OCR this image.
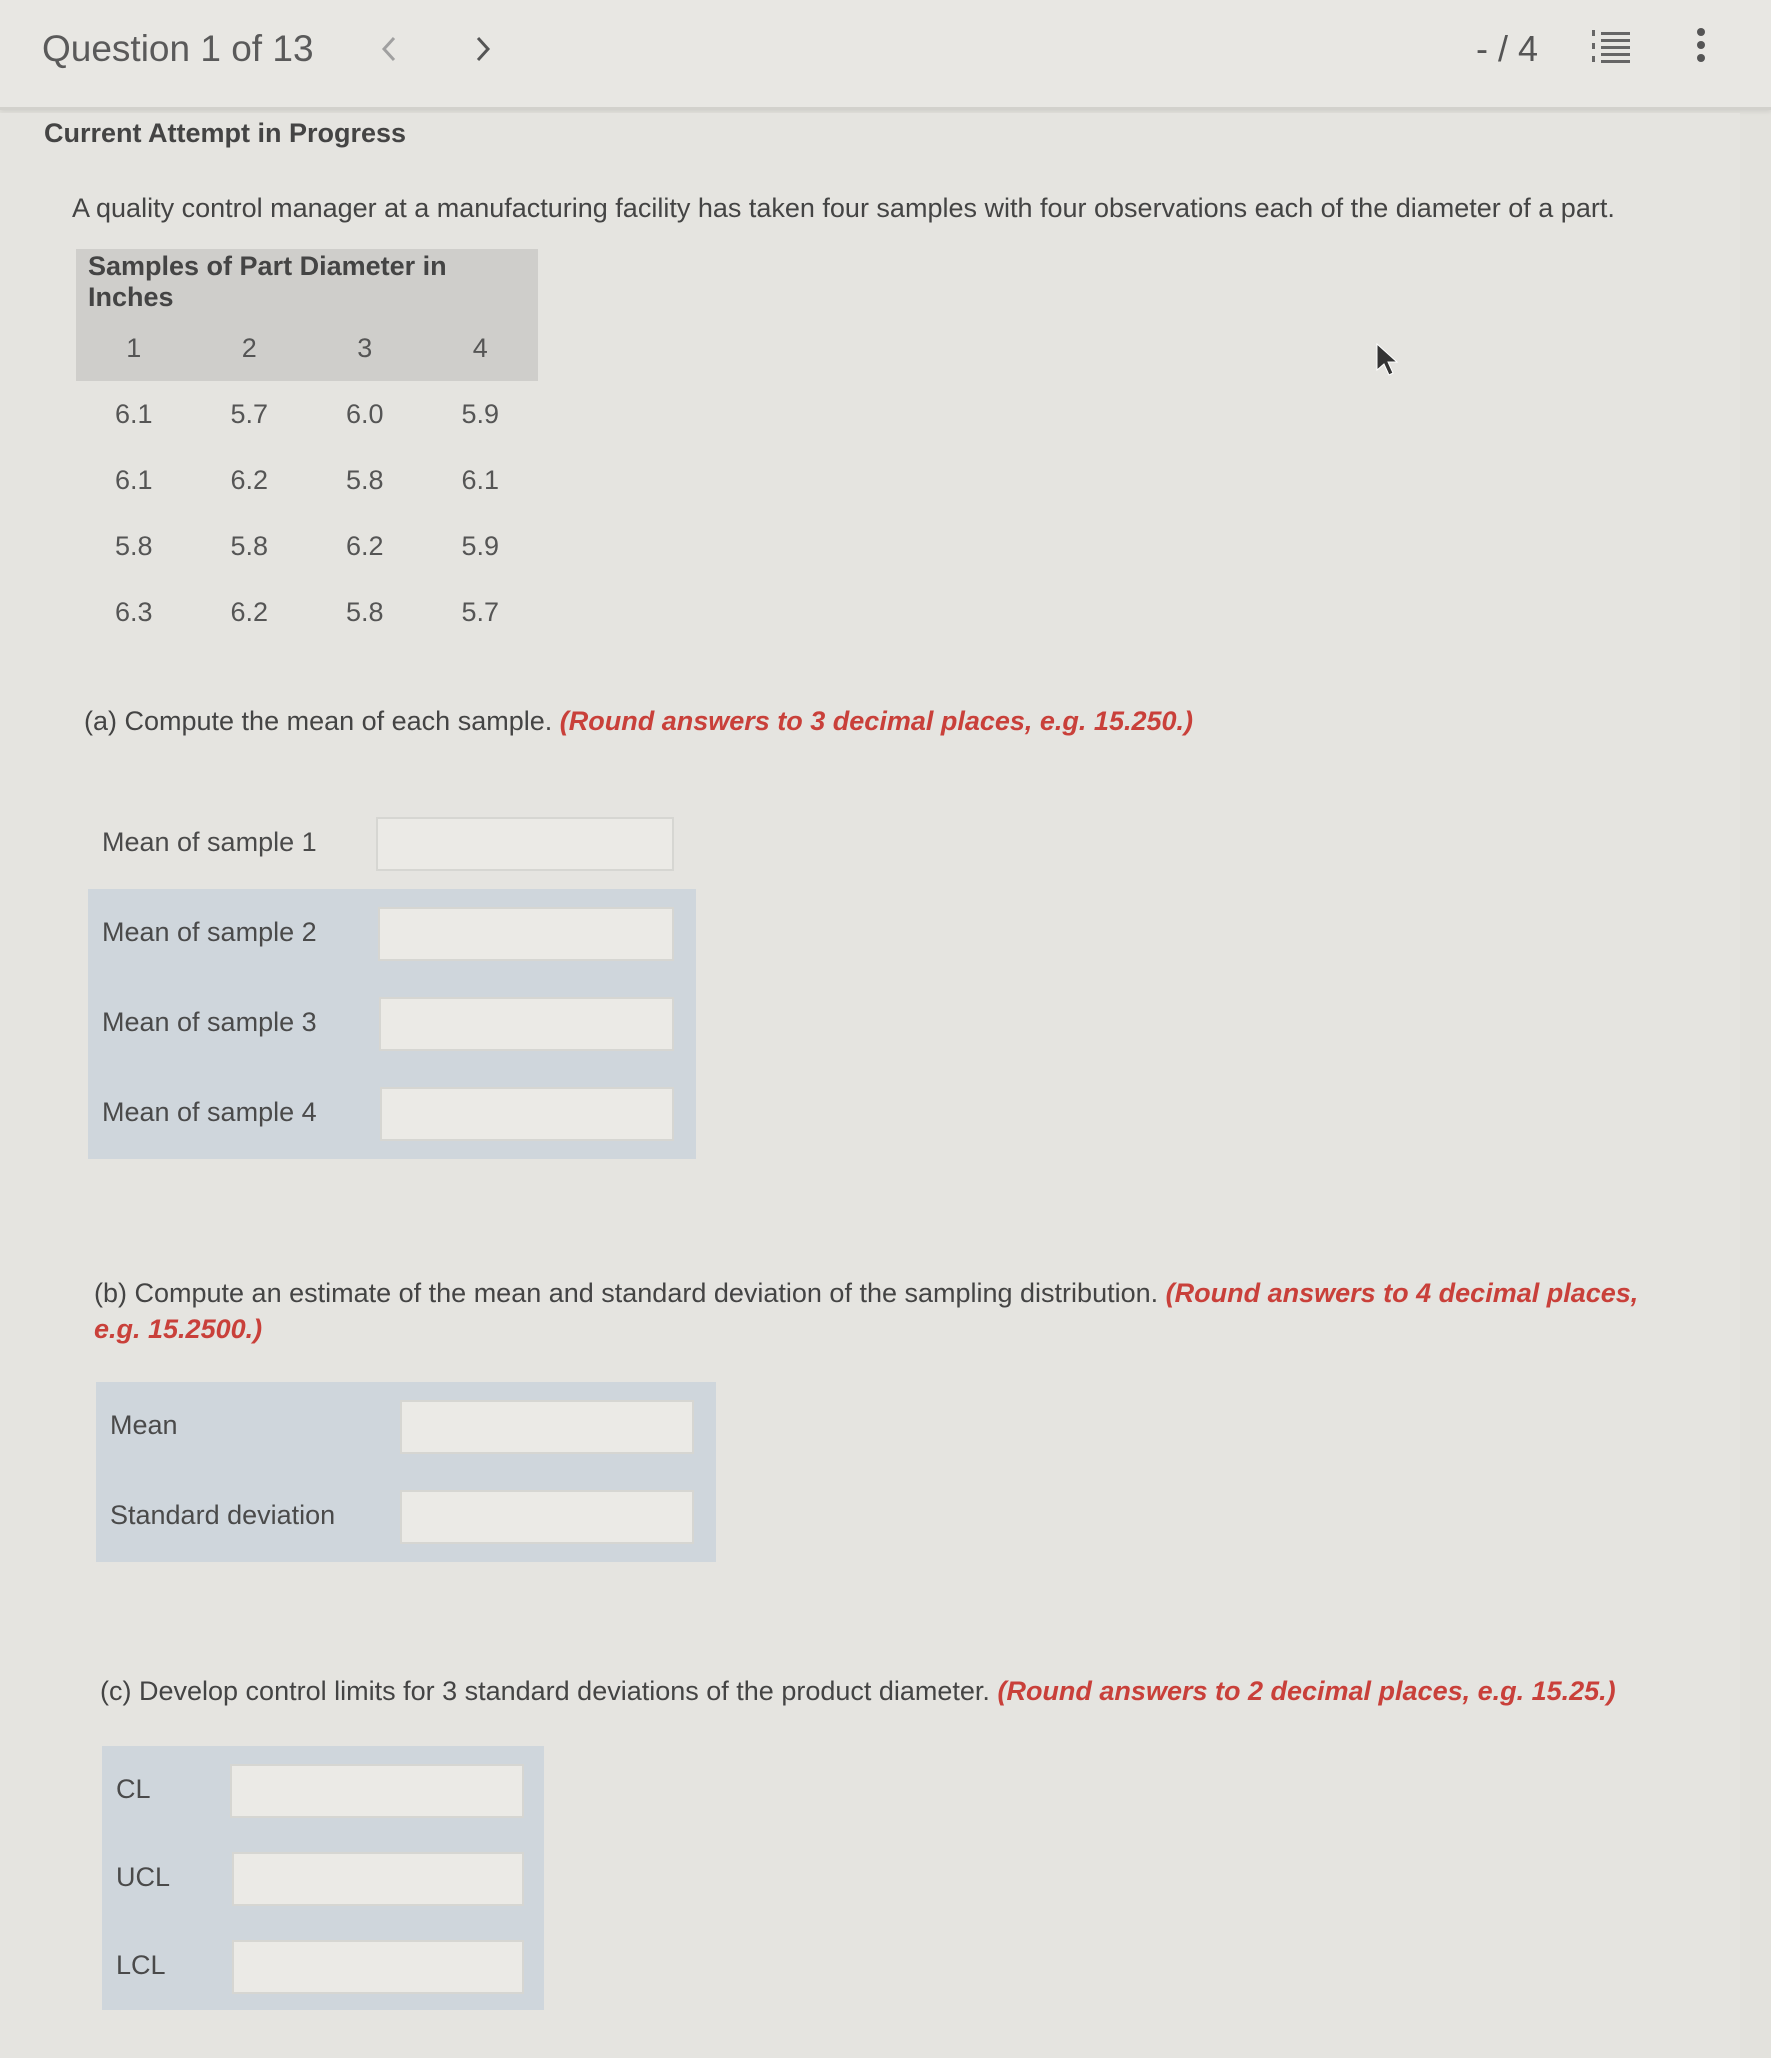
Question 1 of 13	- / 4
Current Attempt in Progress
A quality control manager at a manufacturing facility has taken four samples with four observations each of the diameter of a part.
Samples of Part Diameter in Inches			
1	2	3	4
6.1	5.7	6.0	5.9
6.1	6.2	5.8	6.1
5.8	5.8	6.2	5.9
6.3	6.2	5.8	5.7
(a) Compute the mean of each sample. (Round answers to 3 decimal places, e.g. 15.250.)
Mean of sample 1
Mean of sample 2
Mean of sample 3
Mean of sample 4
(b) Compute an estimate of the mean and standard deviation of the sampling distribution. (Round answers to 4 decimal places, e.g. 15.2500.)
Mean
Standard deviation
(c) Develop control limits for 3 standard deviations of the product diameter. (Round answers to 2 decimal places, e.g. 15.25.)
CL
UCL
LCL
